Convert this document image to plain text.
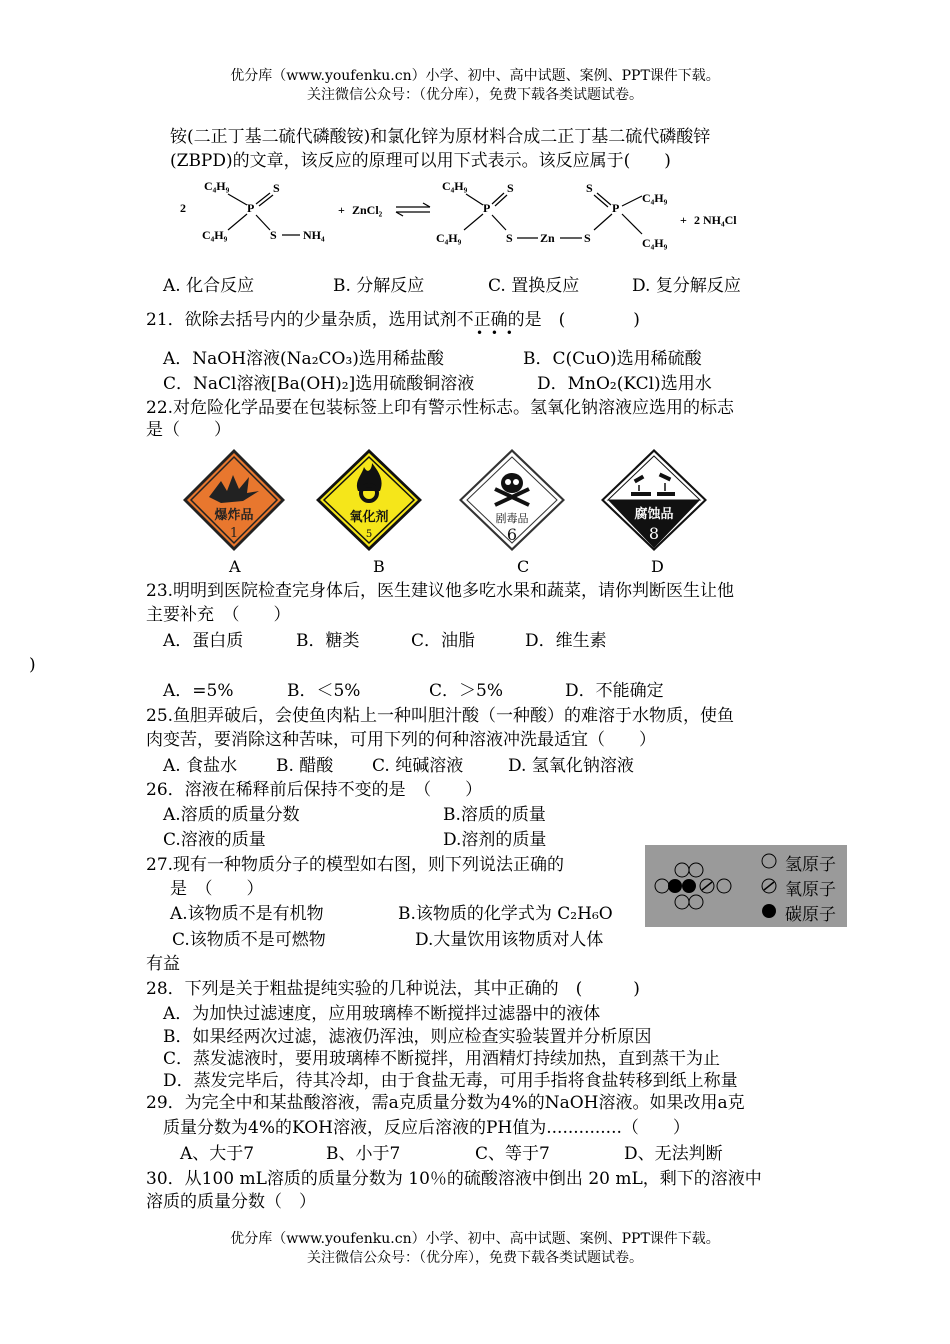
优分库（www.youfenku.cn）小学、初中、高中试题、案例、PPT课件下载。
关注微信公众号：（优分库），免费下载各类试题试卷。
铵(二正丁基二硫代磷酸铵)和氯化锌为原材料合成二正丁基二硫代磷酸锌
(ZBPD)的文章，该反应的原理可以用下式表示。该反应属于(　　)
2
C₄H₉
P
S
C₄H₉	S NH₄
+ ZnCl₂
C₄H₉
P
S
C₄H₉	S Zn S
P
S
C₄H₉
C₄H₉
+ 2 NH₄Cl
A. 化合反应	B. 分解反应	C. 置换反应	D. 复分解反应
21．欲除去括号内的少量杂质，选用试剂不正确的是　(　　　　)
• • •
A．NaOH溶液(Na₂CO₃)选用稀盐酸	B．C(CuO)选用稀硫酸
C．NaCl溶液[Ba(OH)₂]选用硫酸铜溶液	D．MnO₂(KCl)选用水
22.对危险化学品要在包装标签上印有警示性标志。氢氧化钠溶液应选用的标志
是（　　）
爆炸品
1
氧化剂
5
剧毒品
6
腐蚀品
8
A	B	C	D
23.明明到医院检查完身体后，医生建议他多吃水果和蔬菜，请你判断医生让他
主要补充　（　　）
A．蛋白质	B．糖类	C．油脂	D．维生素
)
A．=5%	B．＜5%	C．＞5%	D．不能确定
25.鱼胆弄破后，会使鱼肉粘上一种叫胆汁酸（一种酸）的难溶于水物质，使鱼
肉变苦，要消除这种苦味，可用下列的何种溶液冲洗最适宜（　　）
A. 食盐水 B. 醋酸 C. 纯碱溶液	D. 氢氧化钠溶液
26．溶液在稀释前后保持不变的是　（　　）
A.溶质的质量分数	B.溶质的质量
C.溶液的质量	D.溶剂的质量
27.现有一种物质分子的模型如右图，则下列说法正确的
是　（　　）
A.该物质不是有机物	B.该物质的化学式为 C₂H₆O
C.该物质不是可燃物	D.大量饮用该物质对人体
有益
氢原子
氧原子
碳原子
28．下列是关于粗盐提纯实验的几种说法，其中正确的　(　　　)
A．为加快过滤速度，应用玻璃棒不断搅拌过滤器中的液体
B．如果经两次过滤，滤液仍浑浊，则应检查实验装置并分析原因
C．蒸发滤液时，要用玻璃棒不断搅拌，用酒精灯持续加热，直到蒸干为止
D．蒸发完毕后，待其冷却，由于食盐无毒，可用手指将食盐转移到纸上称量
29．为完全中和某盐酸溶液，需a克质量分数为4%的NaOH溶液。如果改用a克
质量分数为4%的KOH溶液，反应后溶液的PH值为..............（　　）
A、大于7	B、小于7	C、等于7	D、无法判断
30．从100 mL溶质的质量分数为 10％的硫酸溶液中倒出 20 mL，剩下的溶液中
溶质的质量分数（　）
优分库（www.youfenku.cn）小学、初中、高中试题、案例、PPT课件下载。
关注微信公众号：（优分库），免费下载各类试题试卷。
